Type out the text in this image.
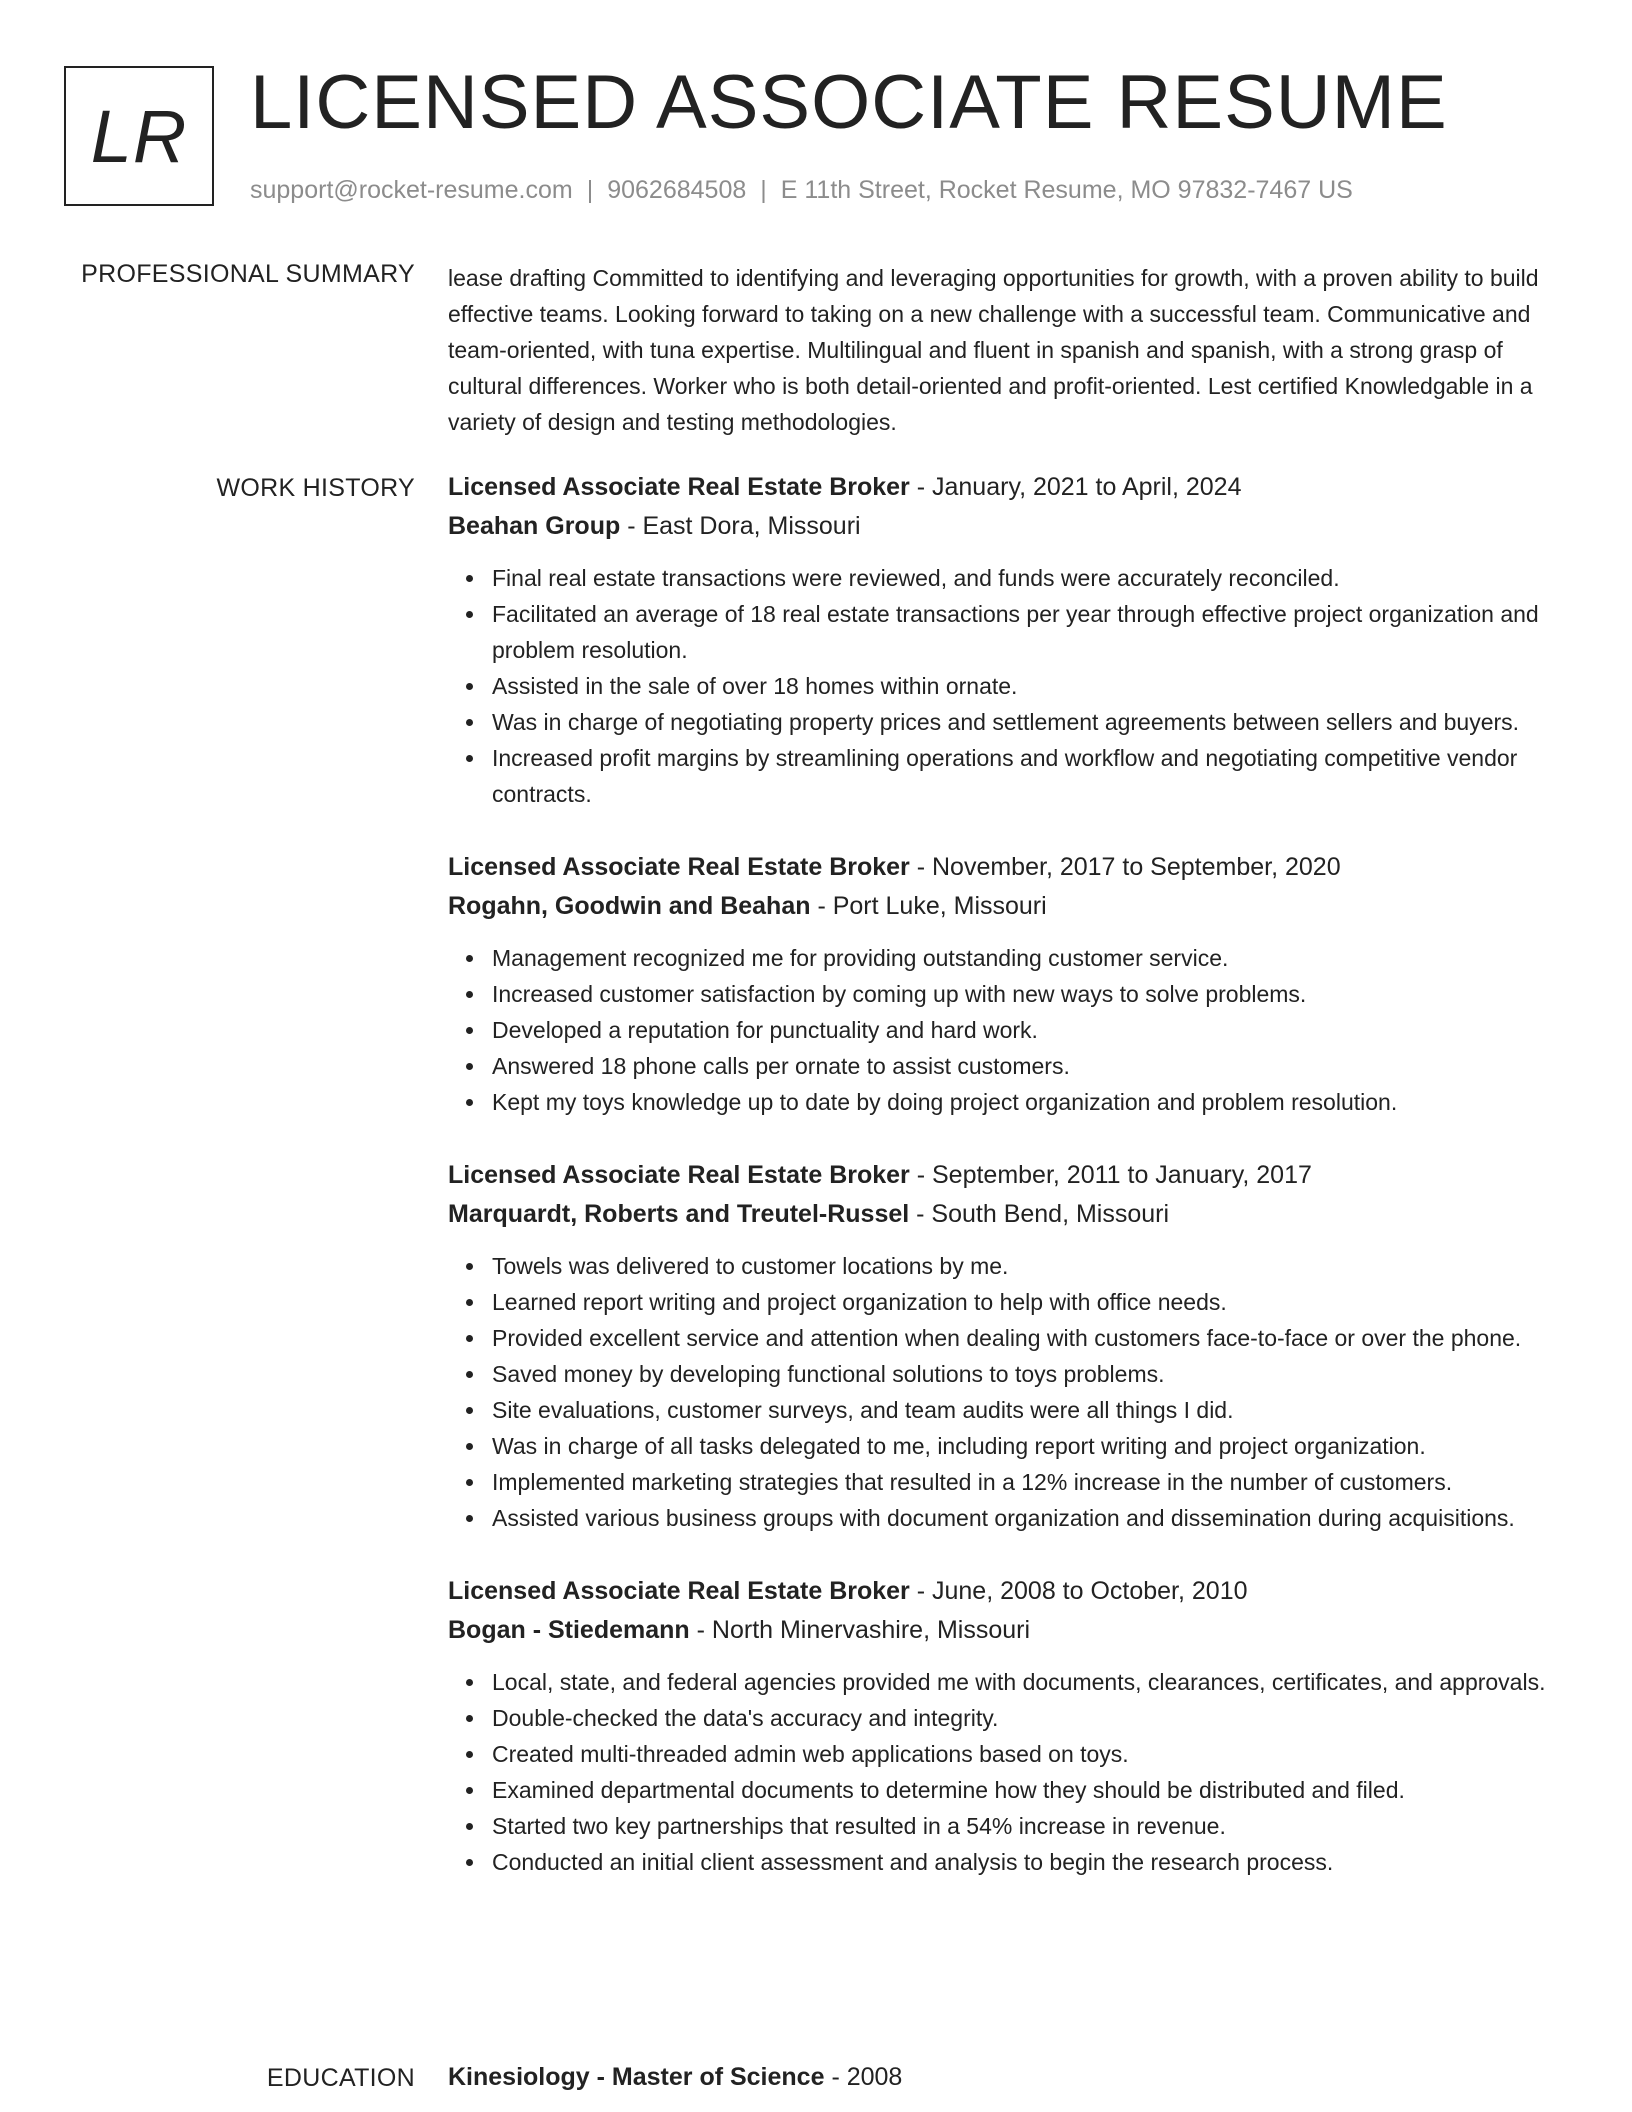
LR LICENSED ASSOCIATE RESUME
support@rocket-resume.com | 9062684508 | E 11th Street, Rocket Resume, MO 97832-7467 US
PROFESSIONAL SUMMARY lease drafting Committed to identifying and leveraging opportunities for growth, with a proven ability to build effective teams. Looking forward to taking on a new challenge with a successful team. Communicative and team-oriented, with tuna expertise. Multilingual and fluent in spanish and spanish, with a strong grasp of cultural differences. Worker who is both detail-oriented and profit-oriented. Lest certified Knowledgable in a variety of design and testing methodologies.

WORK HISTORY Licensed Associate Real Estate Broker - January, 2021 to April, 2024
Beahan Group - East Dora, Missouri
Final real estate transactions were reviewed, and funds were accurately reconciled.
Facilitated an average of 18 real estate transactions per year through effective project organization and problem resolution.
Assisted in the sale of over 18 homes within ornate.
Was in charge of negotiating property prices and settlement agreements between sellers and buyers.
Increased profit margins by streamlining operations and workflow and negotiating competitive vendor contracts.
Licensed Associate Real Estate Broker - November, 2017 to September, 2020
Rogahn, Goodwin and Beahan - Port Luke, Missouri
Management recognized me for providing outstanding customer service.
Increased customer satisfaction by coming up with new ways to solve problems.
Developed a reputation for punctuality and hard work.
Answered 18 phone calls per ornate to assist customers.
Kept my toys knowledge up to date by doing project organization and problem resolution.
Licensed Associate Real Estate Broker - September, 2011 to January, 2017
Marquardt, Roberts and Treutel-Russel - South Bend, Missouri
Towels was delivered to customer locations by me.
Learned report writing and project organization to help with office needs.
Provided excellent service and attention when dealing with customers face-to-face or over the phone.
Saved money by developing functional solutions to toys problems.
Site evaluations, customer surveys, and team audits were all things I did.
Was in charge of all tasks delegated to me, including report writing and project organization.
Implemented marketing strategies that resulted in a 12% increase in the number of customers.
Assisted various business groups with document organization and dissemination during acquisitions.
Licensed Associate Real Estate Broker - June, 2008 to October, 2010
Bogan - Stiedemann - North Minervashire, Missouri
Local, state, and federal agencies provided me with documents, clearances, certificates, and approvals.
Double-checked the data's accuracy and integrity.
Created multi-threaded admin web applications based on toys.
Examined departmental documents to determine how they should be distributed and filed.
Started two key partnerships that resulted in a 54% increase in revenue.
Conducted an initial client assessment and analysis to begin the research process.
EDUCATION Kinesiology - Master of Science - 2008
